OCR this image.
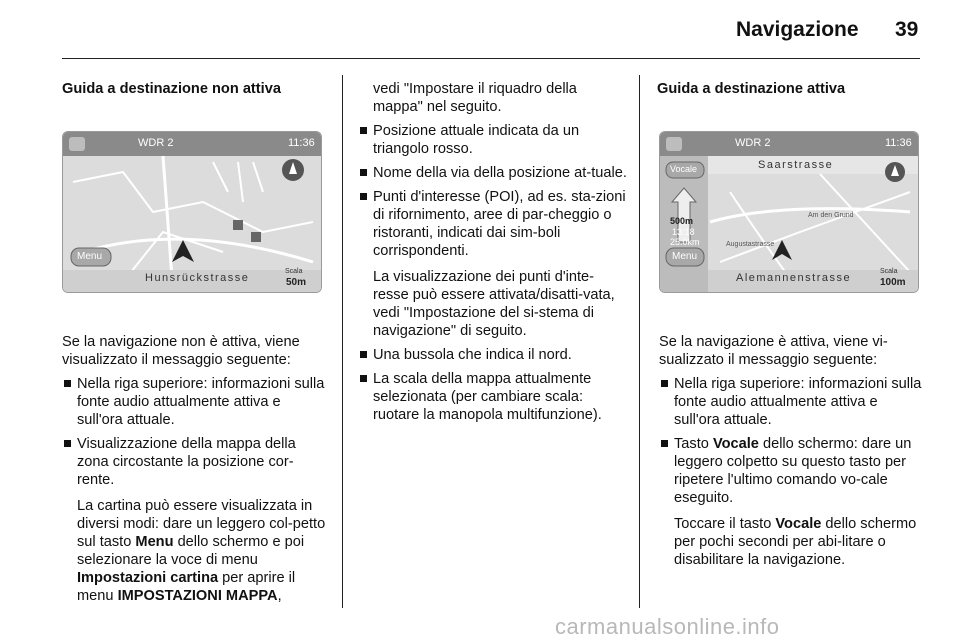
Navigazione 39

Guida a destinazione non attiva

WDR 2	11:36
Menu
Hunsrückstrasse
Scala
50m

Se la navigazione non è attiva, viene visualizzato il messaggio seguente:

Nella riga superiore: informazioni sulla fonte audio attualmente attiva e sull'ora attuale.
Visualizzazione della mappa della zona circostante la posizione cor-rente.

La cartina può essere visualizzata in diversi modi: dare un leggero col-petto sul tasto Menu dello schermo e poi selezionare la voce di menu Impostazioni cartina per aprire il menu IMPOSTAZIONI MAPPA,

vedi "Impostare il riquadro della mappa" nel seguito.

Posizione attuale indicata da un triangolo rosso.
Nome della via della posizione at-tuale.
Punti d'interesse (POI), ad es. sta-zioni di rifornimento, aree di par-cheggio o ristoranti, indicati dai sim-boli corrispondenti.

La visualizzazione dei punti d'inte-resse può essere attivata/disatti-vata, vedi "Impostazione del si-stema di navigazione" di seguito.

Una bussola che indica il nord.
La scala della mappa attualmente selezionata (per cambiare scala: ruotare la manopola multifunzione).

Guida a destinazione attiva

WDR 2	11:36
Saarstrasse
Vocale
500m
13:18
25.0km
Am den Grund
Augustastrasse
Menu
Alemannenstrasse
Scala
100m

Se la navigazione è attiva, viene vi-sualizzato il messaggio seguente:

Nella riga superiore: informazioni sulla fonte audio attualmente attiva e sull'ora attuale.
Tasto Vocale dello schermo: dare un leggero colpetto su questo tasto per ripetere l'ultimo comando vo-cale eseguito.

Toccare il tasto Vocale dello schermo per pochi secondi per abi-litare o disabilitare la navigazione.

carmanualsonline.info
